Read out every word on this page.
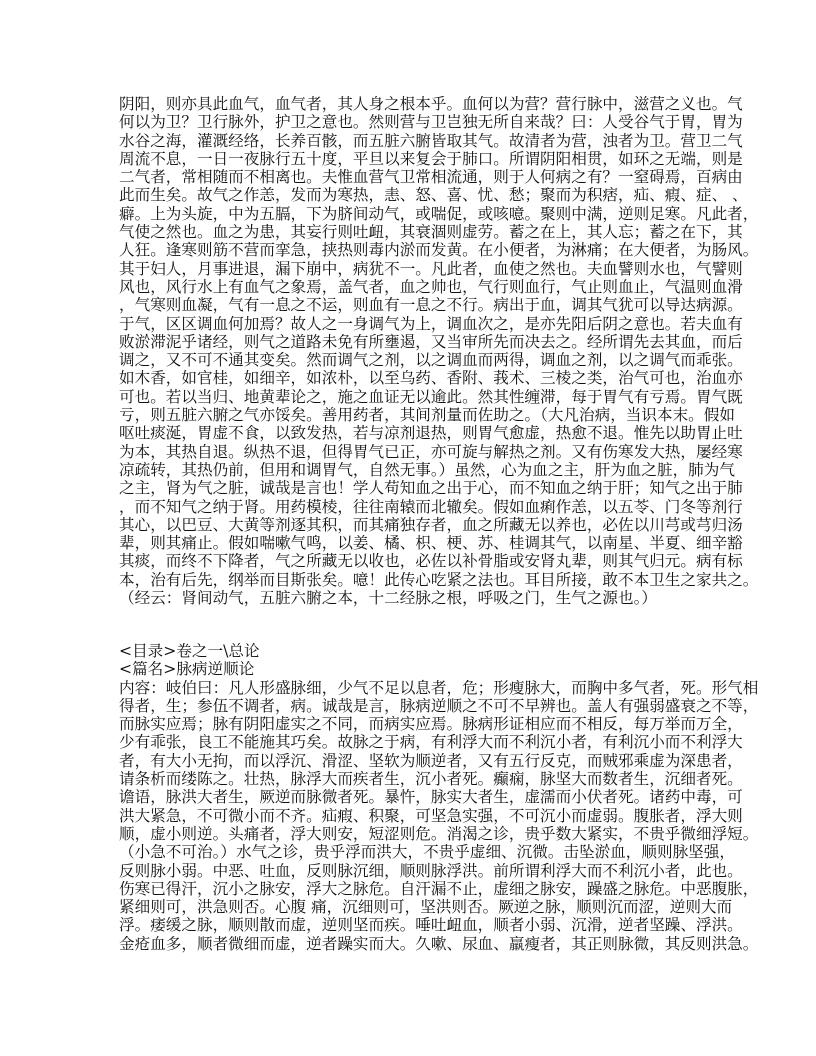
阴阳，则亦具此血气，血气者，其人身之根本乎。血何以为营？营行脉中，滋营之义也。气
何以为卫？卫行脉外，护卫之意也。然则营与卫岂独无所自来哉？曰：人受谷气于胃，胃为
水谷之海，灌溉经络，长养百骸，而五脏六腑皆取其气。故清者为营，浊者为卫。营卫二气
周流不息，一日一夜脉行五十度，平旦以来复会于肺口。所谓阴阳相贯，如环之无端，则是
二气者，常相随而不相离也。夫惟血营气卫常相流通，则于人何病之有？一窒碍焉，百病由
此而生矣。故气之作恙，发而为寒热，恚、怒、喜、忧、愁；聚而为积痞，疝、瘕、症、 、
癖。上为头旋，中为五膈，下为脐间动气，或喘促，或咳噫。聚则中满，逆则足寒。凡此者，
气使之然也。血之为患，其妄行则吐衄，其衰涸则虚劳。蓄之在上，其人忘；蓄之在下，其
人狂。逢寒则筋不营而挛急，挟热则毒内淤而发黄。在小便者，为淋痛；在大便者，为肠风。
其于妇人，月事进退，漏下崩中，病犹不一。凡此者，血使之然也。夫血譬则水也，气譬则
风也，风行水上有血气之象焉，盖气者，血之帅也，气行则血行，气止则血止，气温则血滑
，气寒则血凝，气有一息之不运，则血有一息之不行。病出于血，调其气犹可以导达病源。
于气，区区调血何加焉？故人之一身调气为上，调血次之，是亦先阳后阴之意也。若夫血有
败淤滞泥乎诸经，则气之道路未免有所壅遏，又当审所先而决去之。经所谓先去其血，而后
调之，又不可不通其变矣。然而调气之剂，以之调血而两得，调血之剂，以之调气而乖张。
如木香，如官桂，如细辛，如浓朴，以至乌药、香附、莪术、三棱之类，治气可也，治血亦
可也。若以当归、地黄辈论之，施之血证无以逾此。然其性缠滞，每于胃气有亏焉。胃气既
亏，则五脏六腑之气亦馁矣。善用药者，其间剂量而佐助之。（大凡治病，当识本末。假如
呕吐痰涎，胃虚不食，以致发热，若与凉剂退热，则胃气愈虚，热愈不退。惟先以助胃止吐
为本，其热自退。纵热不退，但得胃气已正，亦可旋与解热之剂。又有伤寒发大热，屡经寒
凉疏转，其热仍前，但用和调胃气，自然无事。）虽然，心为血之主，肝为血之脏，肺为气
之主，肾为气之脏，诚哉是言也！学人苟知血之出于心，而不知血之纳于肝；知气之出于肺
，而不知气之纳于肾。用药模棱，往往南辕而北辙矣。假如血痢作恙，以五苓、门冬等剂行
其心，以巴豆、大黄等剂逐其积，而其痛独存者，血之所藏无以养也，必佐以川芎或芎归汤
辈，则其痛止。假如喘嗽气鸣，以姜、橘、枳、梗、苏、桂调其气，以南星、半夏、细辛豁
其痰，而终不下降者，气之所藏无以收也，必佐以补骨脂或安肾丸辈，则其气归元。病有标
本，治有后先，纲举而目斯张矣。噫！此传心吃紧之法也。耳目所接，敢不本卫生之家共之。
（经云：肾间动气，五脏六腑之本，十二经脉之根，呼吸之门，生气之源也。）
<目录>卷之一\总论
<篇名>脉病逆顺论
内容：岐伯曰：凡人形盛脉细，少气不足以息者，危；形瘦脉大，而胸中多气者，死。形气相
得者，生；参伍不调者，病。诚哉是言，脉病逆顺之不可不早辨也。盖人有强弱盛衰之不等，
而脉实应焉；脉有阴阳虚实之不同，而病实应焉。脉病形证相应而不相反，每万举而万全，
少有乖张，良工不能施其巧矣。故脉之于病，有利浮大而不利沉小者，有利沉小而不利浮大
者，有大小无拘，而以浮沉、滑涩、坚软为顺逆者，又有五行反克，而贼邪乘虚为深患者，
请条析而缕陈之。壮热，脉浮大而疾者生，沉小者死。癫痫，脉坚大而数者生，沉细者死。
谵语，脉洪大者生，厥逆而脉微者死。暴忤，脉实大者生，虚濡而小伏者死。诸药中毒，可
洪大紧急，不可微小而不齐。疝瘕、积聚，可坚急实强，不可沉小而虚弱。腹胀者，浮大则
顺，虚小则逆。头痛者，浮大则安，短涩则危。消渴之诊，贵乎数大紧实，不贵乎微细浮短。
（小急不可治。）水气之诊，贵乎浮而洪大，不贵乎虚细、沉微。击坠淤血，顺则脉坚强，
反则脉小弱。中恶、吐血，反则脉沉细，顺则脉浮洪。前所谓利浮大而不利沉小者，此也。
伤寒已得汗，沉小之脉安，浮大之脉危。自汗漏不止，虚细之脉安，躁盛之脉危。中恶腹胀，
紧细则可，洪急则否。心腹 痛，沉细则可，坚洪则否。厥逆之脉，顺则沉而涩，逆则大而
浮。痿缓之脉，顺则散而虚，逆则坚而疾。唾吐衄血，顺者小弱、沉滑，逆者坚躁、浮洪。
金疮血多，顺者微细而虚，逆者躁实而大。久嗽、尿血、羸瘦者，其正则脉微，其反则洪急。
